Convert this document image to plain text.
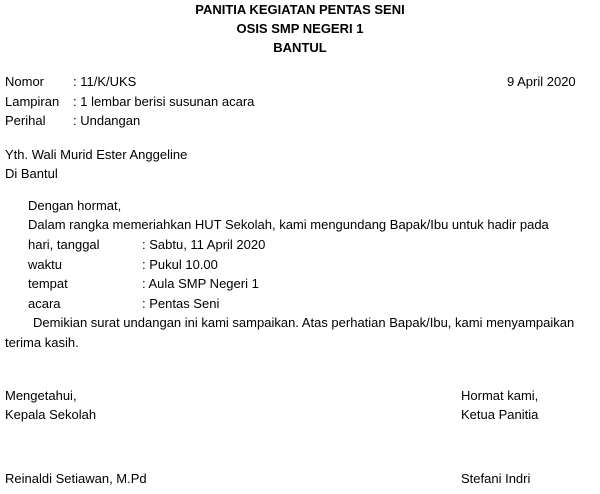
PANITIA KEGIATAN PENTAS SENI
OSIS SMP NEGERI 1
BANTUL
Nomor : 11/K/UKS	9 April 2020
Lampiran : 1 lembar berisi susunan acara
Perihal : Undangan
Yth. Wali Murid Ester Anggeline
Di Bantul
Dengan hormat,
Dalam rangka memeriahkan HUT Sekolah, kami mengundang Bapak/Ibu untuk hadir pada
hari, tanggal	: Sabtu, 11 April 2020
waktu	: Pukul 10.00
tempat	: Aula SMP Negeri 1
acara	: Pentas Seni
Demikian surat undangan ini kami sampaikan. Atas perhatian Bapak/Ibu, kami menyampaikan
terima kasih.
Mengetahui,
Kepala Sekolah
Reinaldi Setiawan, M.Pd
Hormat kami,
Ketua Panitia
Stefani Indri
